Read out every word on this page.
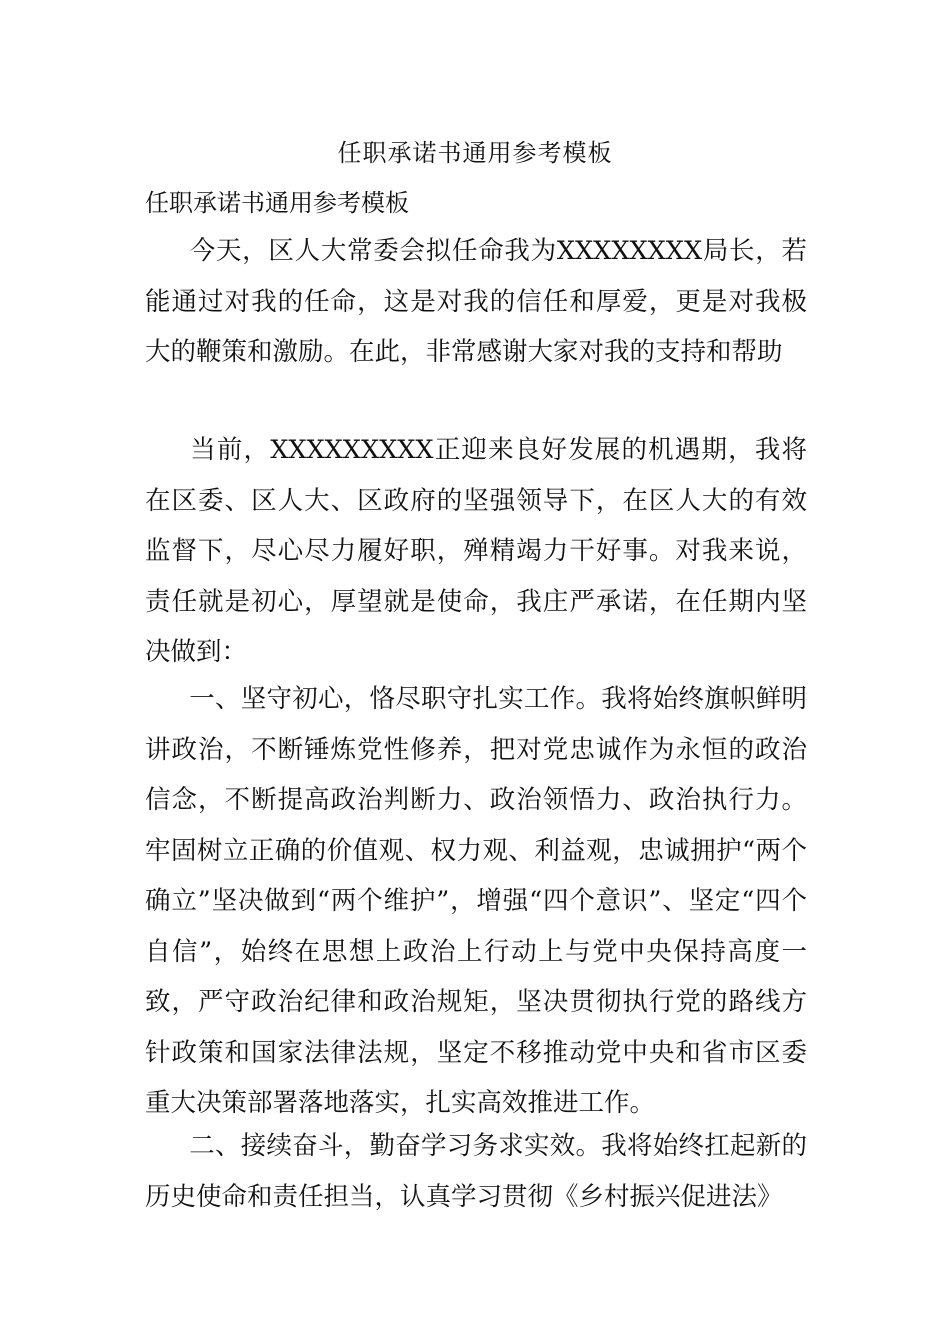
任职承诺书通用参考模板
任职承诺书通用参考模板

今天，区人大常委会拟任命我为XXXXXXXX局长，若能通过对我的任命，这是对我的信任和厚爱，更是对我极大的鞭策和激励。在此，非常感谢大家对我的支持和帮助

当前，XXXXXXXXX正迎来良好发展的机遇期，我将在区委、区人大、区政府的坚强领导下，在区人大的有效监督下，尽心尽力履好职，殚精竭力干好事。对我来说，责任就是初心，厚望就是使命，我庄严承诺，在任期内坚决做到：

一、坚守初心，恪尽职守扎实工作。我将始终旗帜鲜明讲政治，不断锤炼党性修养，把对党忠诚作为永恒的政治信念，不断提高政治判断力、政治领悟力、政治执行力。牢固树立正确的价值观、权力观、利益观，忠诚拥护“两个确立”坚决做到“两个维护”，增强“四个意识”、坚定“四个自信”，始终在思想上政治上行动上与党中央保持高度一致，严守政治纪律和政治规矩，坚决贯彻执行党的路线方针政策和国家法律法规，坚定不移推动党中央和省市区委重大决策部署落地落实，扎实高效推进工作。

二、接续奋斗，勤奋学习务求实效。我将始终扛起新的历史使命和责任担当，认真学习贯彻《乡村振兴促进法》
